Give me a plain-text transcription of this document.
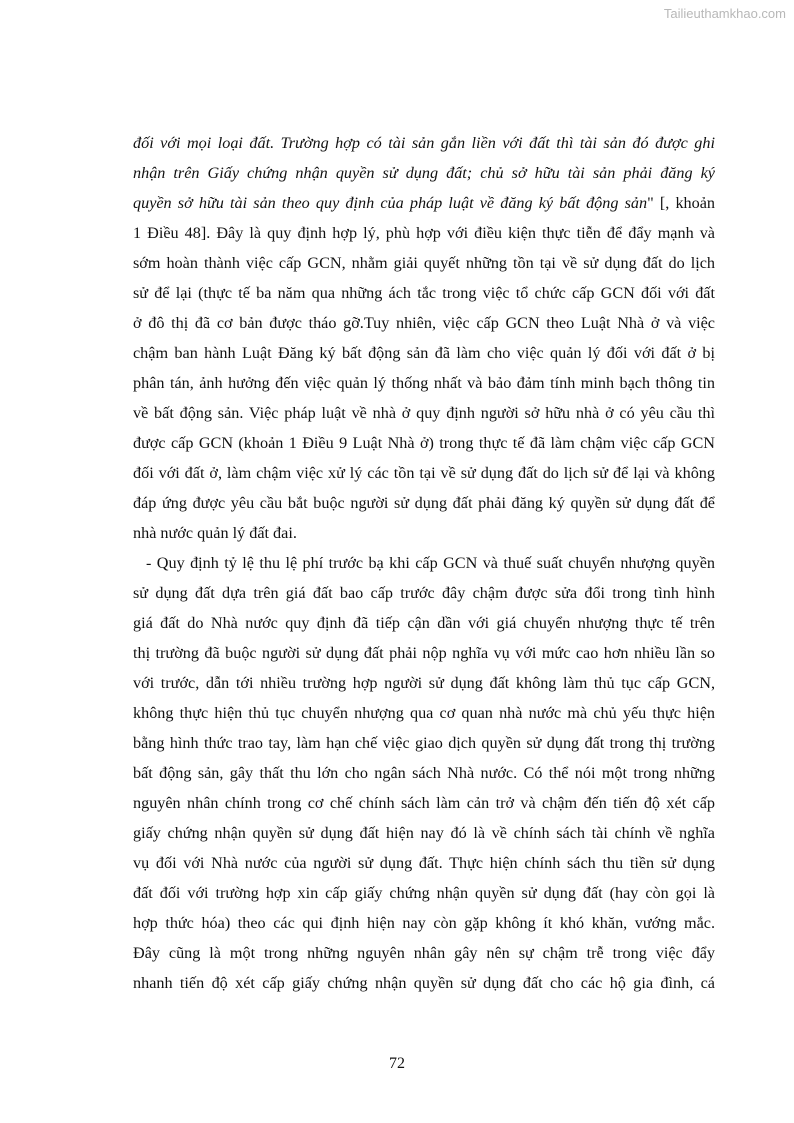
Tailieuthamkhao.com
đối với mọi loại đất. Trường hợp có tài sản gắn liền với đất thì tài sản đó được ghi
nhận trên Giấy chứng nhận quyền sử dụng đất; chủ sở hữu tài sản phải đăng ký
quyền sở hữu tài sản theo quy định của pháp luật về đăng ký bất động sản" [, khoản
1 Điều 48]. Đây là quy định hợp lý, phù hợp với điều kiện thực tiễn để đẩy mạnh và
sớm hoàn thành việc cấp GCN, nhằm giải quyết những tồn tại về sử dụng đất do lịch
sử để lại (thực tế ba năm qua những ách tắc trong việc tổ chức cấp GCN đối với đất
ở đô thị đã cơ bản được tháo gỡ.Tuy nhiên, việc cấp GCN theo Luật Nhà ở và việc
chậm ban hành Luật Đăng ký bất động sản đã làm cho việc quản lý đối với đất ở bị
phân tán, ảnh hưởng đến việc quản lý thống nhất và bảo đảm tính minh bạch thông tin
về bất động sản. Việc pháp luật về nhà ở quy định người sở hữu nhà ở có yêu cầu thì
được cấp GCN (khoản 1 Điều 9 Luật Nhà ở) trong thực tế đã làm chậm việc cấp GCN
đối với đất ở, làm chậm việc xử lý các tồn tại về sử dụng đất do lịch sử để lại và không
đáp ứng được yêu cầu bắt buộc người sử dụng đất phải đăng ký quyền sử dụng đất để
nhà nước quản lý đất đai.
- Quy định tỷ lệ thu lệ phí trước bạ khi cấp GCN và thuế suất chuyển nhượng quyền
sử dụng đất dựa trên giá đất bao cấp trước đây chậm được sửa đổi trong tình hình
giá đất do Nhà nước quy định đã tiếp cận dần với giá chuyển nhượng thực tế trên
thị trường đã buộc người sử dụng đất phải nộp nghĩa vụ với mức cao hơn nhiều lần so
với trước, dẫn tới nhiều trường hợp người sử dụng đất không làm thủ tục cấp GCN,
không thực hiện thủ tục chuyển nhượng qua cơ quan nhà nước mà chủ yếu thực hiện
bằng hình thức trao tay, làm hạn chế việc giao dịch quyền sử dụng đất trong thị trường
bất động sản, gây thất thu lớn cho ngân sách Nhà nước. Có thể nói một trong những
nguyên nhân chính trong cơ chế chính sách làm cản trở và chậm đến tiến độ xét cấp
giấy chứng nhận quyền sử dụng đất hiện nay đó là về chính sách tài chính về nghĩa
vụ đối với Nhà nước của người sử dụng đất. Thực hiện chính sách thu tiền sử dụng
đất đối với trường hợp xin cấp giấy chứng nhận quyền sử dụng đất (hay còn gọi là
hợp thức hóa) theo các qui định hiện nay còn gặp không ít khó khăn, vướng mắc.
Đây cũng là một trong những nguyên nhân gây nên sự chậm trễ trong việc đẩy
nhanh tiến độ xét cấp giấy chứng nhận quyền sử dụng đất cho các hộ gia đình, cá
72
